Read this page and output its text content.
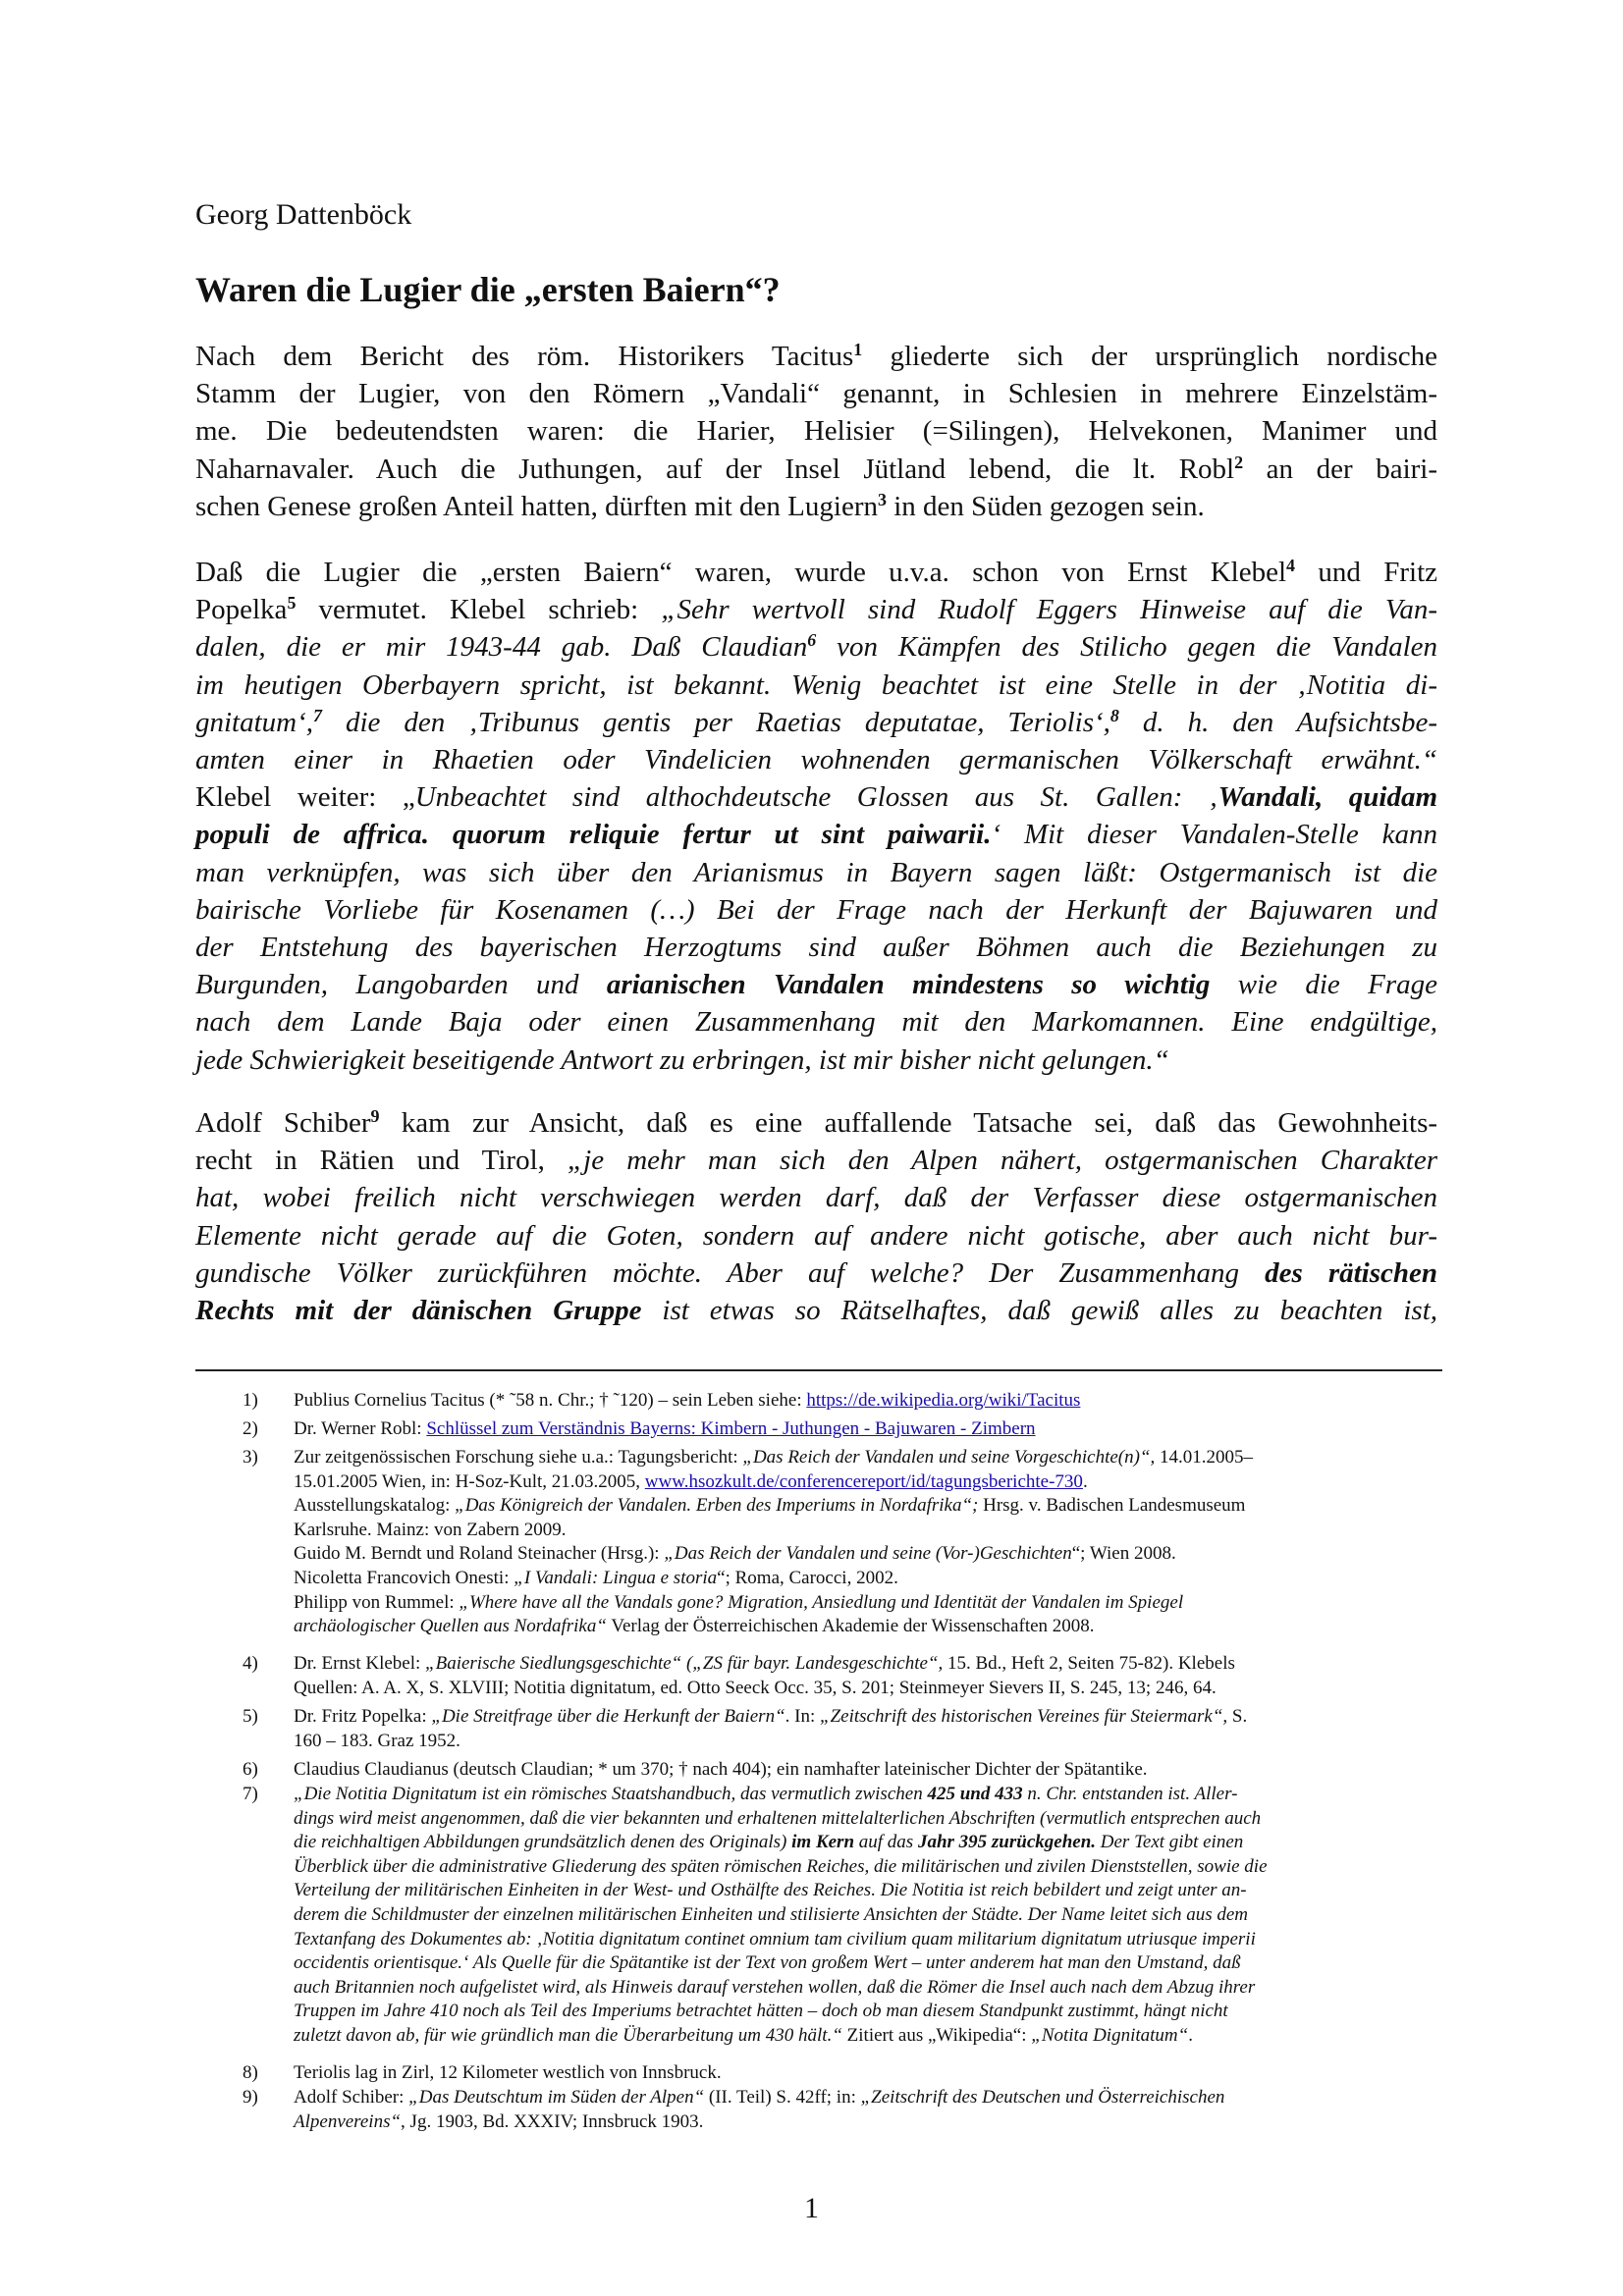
Georg Dattenböck
Waren die Lugier die „ersten Baiern“?
Nach dem Bericht des röm. Historikers Tacitus$^1$ gliederte sich der ursprünglich nordische
Stamm der Lugier, von den Römern „Vandali“ genannt, in Schlesien in mehrere Einzelstäm-
me. Die bedeutendsten waren: die Harier, Helisier (=Silingen), Helvekonen, Manimer und
Naharnavaler. Auch die Juthungen, auf der Insel Jütland lebend, die lt. Robl$^2$ an der bairi-
schen Genese großen Anteil hatten, dürften mit den Lugiern$^3$ in den Süden gezogen sein.
Daß die Lugier die „ersten Baiern“ waren, wurde u.v.a. schon von Ernst Klebel$^4$ und Fritz
Popelka$^5$ vermutet. Klebel schrieb: „Sehr wertvoll sind Rudolf Eggers Hinweise auf die Van-
dalen, die er mir 1943-44 gab. Daß Claudian$^6$ von Kämpfen des Stilicho gegen die Vandalen
im heutigen Oberbayern spricht, ist bekannt. Wenig beachtet ist eine Stelle in der ‚Notitia di-
gnitatum‘,$^7$ die den ‚Tribunus gentis per Raetias deputatae, Teriolis‘,$^8$ d. h. den Aufsichtsbe-
amten einer in Rhaetien oder Vindelicien wohnenden germanischen Völkerschaft erwähnt.“
Klebel weiter: „Unbeachtet sind althochdeutsche Glossen aus St. Gallen: ‚Wandali, quidam
populi de affrica. quorum reliquie fertur ut sint paiwarii.‘ Mit dieser Vandalen-Stelle kann
man verknüpfen, was sich über den Arianismus in Bayern sagen läßt: Ostgermanisch ist die
bairische Vorliebe für Kosenamen (…) Bei der Frage nach der Herkunft der Bajuwaren und
der Entstehung des bayerischen Herzogtums sind außer Böhmen auch die Beziehungen zu
Burgunden, Langobarden und arianischen Vandalen mindestens so wichtig wie die Frage
nach dem Lande Baja oder einen Zusammenhang mit den Markomannen. Eine endgültige,
jede Schwierigkeit beseitigende Antwort zu erbringen, ist mir bisher nicht gelungen.“
Adolf Schiber$^9$ kam zur Ansicht, daß es eine auffallende Tatsache sei, daß das Gewohnheits-
recht in Rätien und Tirol, „je mehr man sich den Alpen nähert, ostgermanischen Charakter
hat, wobei freilich nicht verschwiegen werden darf, daß der Verfasser diese ostgermanischen
Elemente nicht gerade auf die Goten, sondern auf andere nicht gotische, aber auch nicht bur-
gundische Völker zurückführen möchte. Aber auf welche? Der Zusammenhang des rätischen
Rechts mit der dänischen Gruppe ist etwas so Rätselhaftes, daß gewiß alles zu beachten ist,
1) Publius Cornelius Tacitus (* ˜58 n. Chr.; † ˜120) – sein Leben siehe: https://de.wikipedia.org/wiki/Tacitus
2) Dr. Werner Robl: Schlüssel zum Verständnis Bayerns: Kimbern - Juthungen - Bajuwaren - Zimbern
3) Zur zeitgenössischen Forschung siehe u.a.: Tagungsbericht: „Das Reich der Vandalen und seine Vorgeschichte(n)“, 14.01.2005–
15.01.2005 Wien, in: H-Soz-Kult, 21.03.2005, www.hsozkult.de/conferencereport/id/tagungsberichte-730.
Ausstellungskatalog: „Das Königreich der Vandalen. Erben des Imperiums in Nordafrika“; Hrsg. v. Badischen Landesmuseum
Karlsruhe. Mainz: von Zabern 2009.
Guido M. Berndt und Roland Steinacher (Hrsg.): „Das Reich der Vandalen und seine (Vor-)Geschichten“; Wien 2008.
Nicoletta Francovich Onesti: „I Vandali: Lingua e storia“; Roma, Carocci, 2002.
Philipp von Rummel: „Where have all the Vandals gone? Migration, Ansiedlung und Identität der Vandalen im Spiegel
archäologischer Quellen aus Nordafrika“ Verlag der Österreichischen Akademie der Wissenschaften 2008.
4) Dr. Ernst Klebel: „Baierische Siedlungsgeschichte“ („ZS für bayr. Landesgeschichte“, 15. Bd., Heft 2, Seiten 75-82). Klebels
Quellen: A. A. X, S. XLVIII; Notitia dignitatum, ed. Otto Seeck Occ. 35, S. 201; Steinmeyer Sievers II, S. 245, 13; 246, 64.
5) Dr. Fritz Popelka: „Die Streitfrage über die Herkunft der Baiern“. In: „Zeitschrift des historischen Vereines für Steiermark“, S.
160 – 183. Graz 1952.
6) Claudius Claudianus (deutsch Claudian; * um 370; † nach 404); ein namhafter lateinischer Dichter der Spätantike.
7) „Die Notitia Dignitatum ist ein römisches Staatshandbuch, das vermutlich zwischen 425 und 433 n. Chr. entstanden ist. Aller-
dings wird meist angenommen, daß die vier bekannten und erhaltenen mittelalterlichen Abschriften (vermutlich entsprechen auch
die reichhaltigen Abbildungen grundsätzlich denen des Originals) im Kern auf das Jahr 395 zurückgehen. Der Text gibt einen
Überblick über die administrative Gliederung des späten römischen Reiches, die militärischen und zivilen Dienststellen, sowie die
Verteilung der militärischen Einheiten in der West- und Osthälfte des Reiches. Die Notitia ist reich bebildert und zeigt unter an-
derem die Schildmuster der einzelnen militärischen Einheiten und stilisierte Ansichten der Städte. Der Name leitet sich aus dem
Textanfang des Dokumentes ab: ‚Notitia dignitatum continet omnium tam civilium quam militarium dignitatum utriusque imperii
occidentis orientisque.‘ Als Quelle für die Spätantike ist der Text von großem Wert – unter anderem hat man den Umstand, daß
auch Britannien noch aufgelistet wird, als Hinweis darauf verstehen wollen, daß die Römer die Insel auch nach dem Abzug ihrer
Truppen im Jahre 410 noch als Teil des Imperiums betrachtet hätten – doch ob man diesem Standpunkt zustimmt, hängt nicht
zuletzt davon ab, für wie gründlich man die Überarbeitung um 430 hält.“ Zitiert aus „Wikipedia“: „Notita Dignitatum“.
8) Teriolis lag in Zirl, 12 Kilometer westlich von Innsbruck.
9) Adolf Schiber: „Das Deutschtum im Süden der Alpen“ (II. Teil) S. 42ff; in: „Zeitschrift des Deutschen und Österreichischen
Alpenvereins“, Jg. 1903, Bd. XXXIV; Innsbruck 1903.
1
